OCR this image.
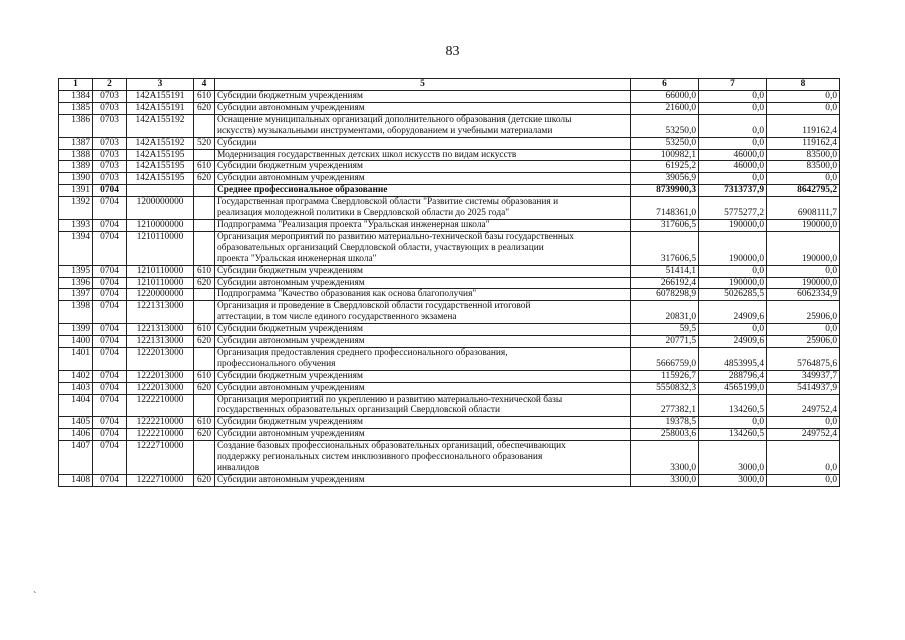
83
1	2	3	4	5	6	7	8
1384	0703	142A155191	610	Субсидии бюджетным учреждениям	66000,0	0,0	0,0
1385	0703	142A155191	620	Субсидии автономным учреждениям	21600,0	0,0	0,0
1386	0703	142A155192		Оснащение муниципальных организаций дополнительного образования (детские школы
искусств) музыкальными инструментами, оборудованием и учебными материалами	53250,0	0,0	119162,4
1387	0703	142A155192	520	Субсидии	53250,0	0,0	119162,4
1388	0703	142A155195		Модернизация государственных детских школ искусств по видам искусств	100982,1	46000,0	83500,0
1389	0703	142A155195	610	Субсидии бюджетным учреждениям	61925,2	46000,0	83500,0
1390	0703	142A155195	620	Субсидии автономным учреждениям	39056,9	0,0	0,0
1391	0704			Среднее профессиональное образование	8739900,3	7313737,9	8642795,2
1392	0704	1200000000		Государственная программа Свердловской области "Развитие системы образования и
реализация молодежной политики в Свердловской области до 2025 года"	7148361,0	5775277,2	6908111,7
1393	0704	1210000000		Подпрограмма "Реализация проекта "Уральская инженерная школа"	317606,5	190000,0	190000,0
1394	0704	1210110000		Организация мероприятий по развитию материально-технической базы государственных
образовательных организаций Свердловской области, участвующих в реализации
проекта "Уральская инженерная школа"	317606,5	190000,0	190000,0
1395	0704	1210110000	610	Субсидии бюджетным учреждениям	51414,1	0,0	0,0
1396	0704	1210110000	620	Субсидии автономным учреждениям	266192,4	190000,0	190000,0
1397	0704	1220000000		Подпрограмма "Качество образования как основа благополучия"	6078298,9	5026285,5	6062334,9
1398	0704	1221313000		Организация и проведение в Свердловской области государственной итоговой
аттестации, в том числе единого государственного экзамена	20831,0	24909,6	25906,0
1399	0704	1221313000	610	Субсидии бюджетным учреждениям	59,5	0,0	0,0
1400	0704	1221313000	620	Субсидии автономным учреждениям	20771,5	24909,6	25906,0
1401	0704	1222013000		Организация предоставления среднего профессионального образования,
профессионального обучения	5666759,0	4853995,4	5764875,6
1402	0704	1222013000	610	Субсидии бюджетным учреждениям	115926,7	288796,4	349937,7
1403	0704	1222013000	620	Субсидии автономным учреждениям	5550832,3	4565199,0	5414937,9
1404	0704	1222210000		Организация мероприятий по укреплению и развитию материально-технической базы
государственных образовательных организаций Свердловской области	277382,1	134260,5	249752,4
1405	0704	1222210000	610	Субсидии бюджетным учреждениям	19378,5	0,0	0,0
1406	0704	1222210000	620	Субсидии автономным учреждениям	258003,6	134260,5	249752,4
1407	0704	1222710000		Создание базовых профессиональных образовательных организаций, обеспечивающих
поддержку региональных систем инклюзивного профессионального образования
инвалидов	3300,0	3000,0	0,0
1408	0704	1222710000	620	Субсидии автономным учреждениям	3300,0	3000,0	0,0
`
